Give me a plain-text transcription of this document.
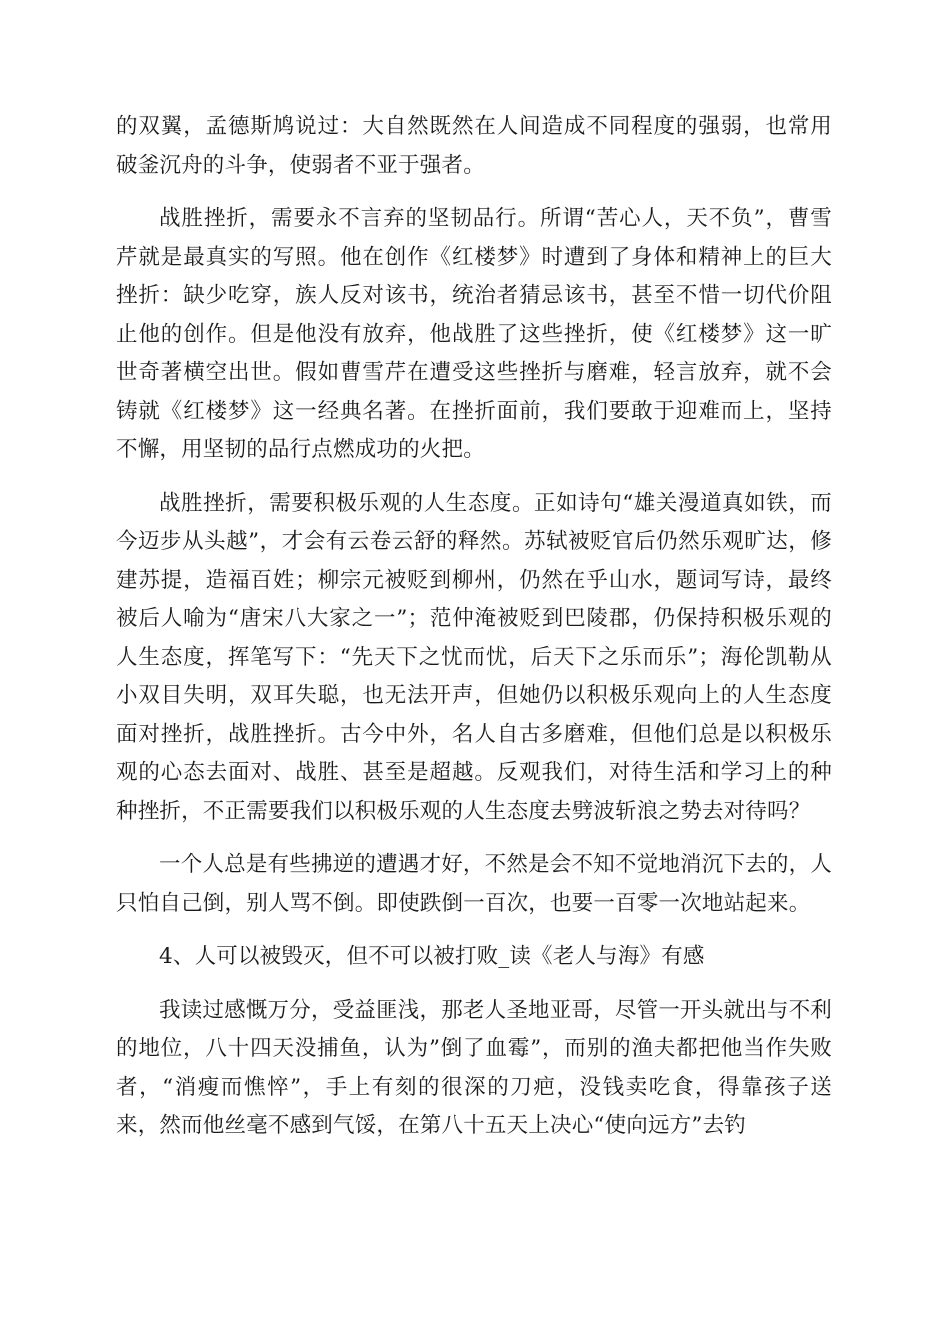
的双翼，孟德斯鸠说过：大自然既然在人间造成不同程度的强弱，也常用破釜沉舟的斗争，使弱者不亚于强者。

战胜挫折，需要永不言弃的坚韧品行。所谓“苦心人，天不负”，曹雪芹就是最真实的写照。他在创作《红楼梦》时遭到了身体和精神上的巨大挫折：缺少吃穿，族人反对该书，统治者猜忌该书，甚至不惜一切代价阻止他的创作。但是他没有放弃，他战胜了这些挫折，使《红楼梦》这一旷世奇著横空出世。假如曹雪芹在遭受这些挫折与磨难，轻言放弃，就不会铸就《红楼梦》这一经典名著。在挫折面前，我们要敢于迎难而上，坚持不懈，用坚韧的品行点燃成功的火把。

战胜挫折，需要积极乐观的人生态度。正如诗句“雄关漫道真如铁，而今迈步从头越”，才会有云卷云舒的释然。苏轼被贬官后仍然乐观旷达，修建苏提，造福百姓；柳宗元被贬到柳州，仍然在乎山水，题词写诗，最终被后人喻为“唐宋八大家之一”；范仲淹被贬到巴陵郡，仍保持积极乐观的人生态度，挥笔写下：“先天下之忧而忧，后天下之乐而乐”；海伦凯勒从小双目失明，双耳失聪，也无法开声，但她仍以积极乐观向上的人生态度面对挫折，战胜挫折。古今中外，名人自古多磨难，但他们总是以积极乐观的心态去面对、战胜、甚至是超越。反观我们，对待生活和学习上的种种挫折，不正需要我们以积极乐观的人生态度去劈波斩浪之势去对待吗？

一个人总是有些拂逆的遭遇才好，不然是会不知不觉地消沉下去的，人只怕自己倒，别人骂不倒。即使跌倒一百次，也要一百零一次地站起来。

4、人可以被毁灭，但不可以被打败_读《老人与海》有感

我读过感慨万分，受益匪浅，那老人圣地亚哥，尽管一开头就出与不利的地位，八十四天没捕鱼，认为”倒了血霉”，而别的渔夫都把他当作失败者，“消瘦而憔悴”，手上有刻的很深的刀疤，没钱卖吃食，得靠孩子送来，然而他丝毫不感到气馁，在第八十五天上决心“使向远方”去钓
